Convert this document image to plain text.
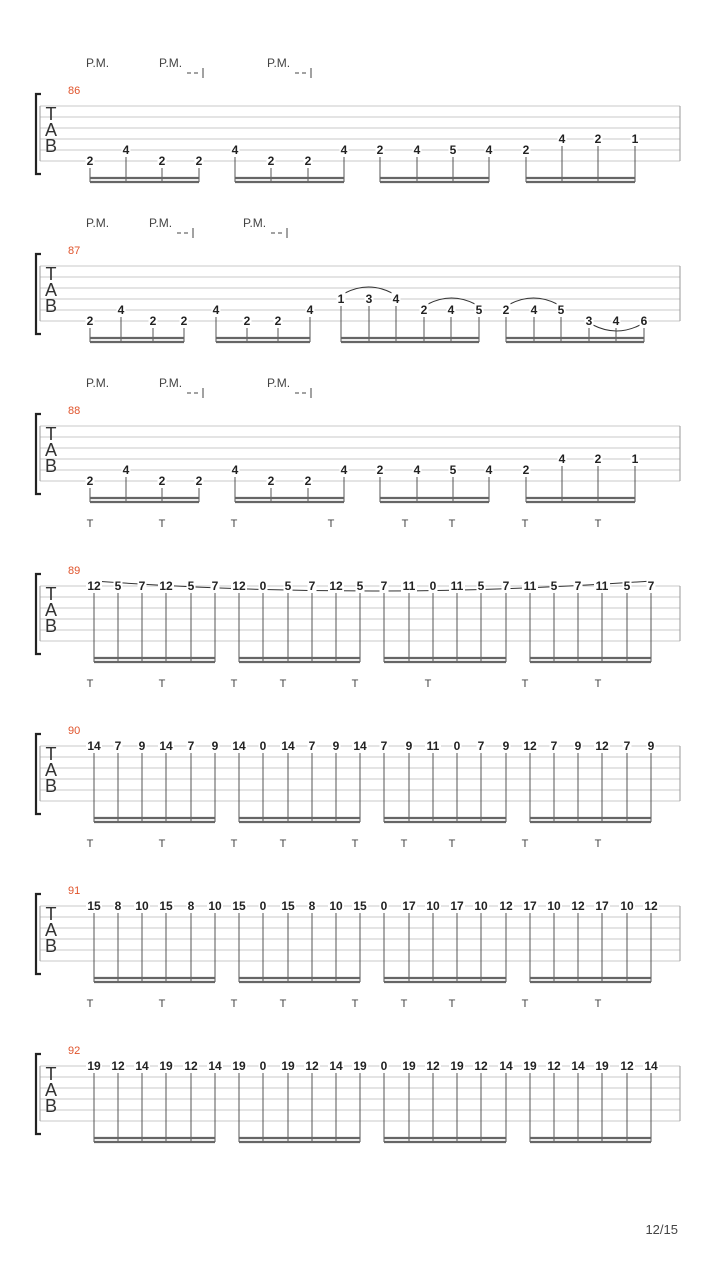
T
A
B
86
P.M.	P.M.	P.M.
2
4
2	2
4
2	2
4 2	4 5 4	2
4 2	1
T
A
B
87
P.M.	P.M.	P.M.
2
4
2 2
4
2 2
4
1 3 4
2 4 5 2 4 5
3 4 6
T
A
B
88
P.M.	P.M.	P.M.
2
4
2	2
4
2	2
4 2	4 5 4	2
4 2	1
T
A
B
89
T	T	T	T	T	T	T	T
12 5 7 12 5 7 12 0 5 7 12 5 7 11 0 11 5 7 11 5 7 11 5 7
T
A
B
90
T	T	T	T	T	T	T	T
14 7 9 14 7 9 14 0 14 7 9 14 7 9 11 0 7 9 12 7 9 12 7 9
T
A
B
91
T	T	T	T	T	T	T	T	T
15 8 10 15 8 10 15 0 15 8 10 15 0 17 10 17 10 12 17 10 12 17 10 12
T
A
B
92
T	T	T	T	T	T	T	T	T
19 12 14 19 12 14 19 0 19 12 14 19 0 19 12 19 12 14 19 12 14 19 12 14
12/15
